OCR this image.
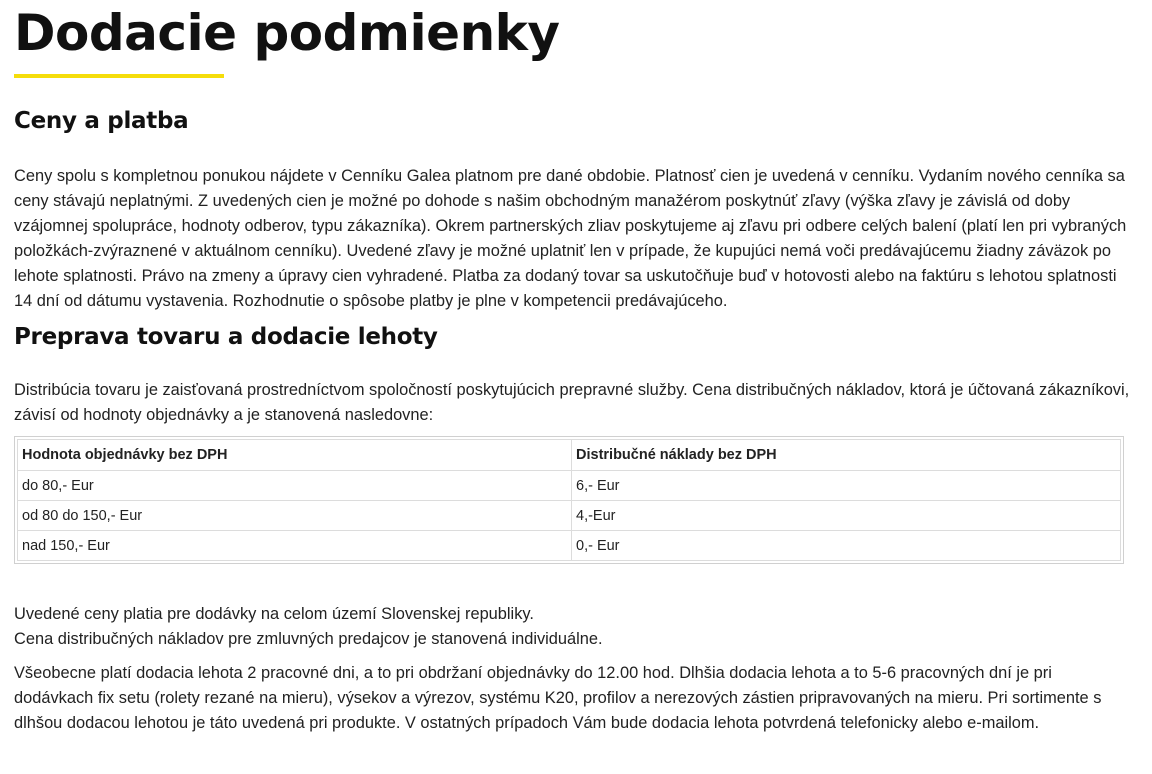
Dodacie podmienky
Ceny a platba

Ceny spolu s kompletnou ponukou nájdete v Cenníku Galea platnom pre dané obdobie. Platnosť cien je uvedená v cenníku. Vydaním nového cenníka sa ceny stávajú neplatnými. Z uvedených cien je možné po dohode s našim obchodným manažérom poskytnúť zľavy (výška zľavy je závislá od doby vzájomnej spolupráce, hodnoty odberov, typu zákazníka). Okrem partnerských zliav poskytujeme aj zľavu pri odbere celých balení (platí len pri vybraných položkách-zvýraznené v aktuálnom cenníku). Uvedené zľavy je možné uplatniť len v prípade, že kupujúci nemá voči predávajúcemu žiadny záväzok po lehote splatnosti. Právo na zmeny a úpravy cien vyhradené. Platba za dodaný tovar sa uskutočňuje buď v hotovosti alebo na faktúru s lehotou splatnosti 14 dní od dátumu vystavenia. Rozhodnutie o spôsobe platby je plne v kompetencii predávajúceho.

Preprava tovaru a dodacie lehoty

Distribúcia tovaru je zaisťovaná prostredníctvom spoločností poskytujúcich prepravné služby. Cena distribučných nákladov, ktorá je účtovaná zákazníkovi, závisí od hodnoty objednávky a je stanovená nasledovne:

Hodnota objednávky bez DPH	Distribučné náklady bez DPH
do 80,- Eur	6,- Eur
od 80 do 150,- Eur	4,-Eur
nad 150,- Eur	0,- Eur

Uvedené ceny platia pre dodávky na celom území Slovenskej republiky.

Cena distribučných nákladov pre zmluvných predajcov je stanovená individuálne.

Všeobecne platí dodacia lehota 2 pracovné dni, a to pri obdržaní objednávky do 12.00 hod. Dlhšia dodacia lehota a to 5-6 pracovných dní je pri dodávkach fix setu (rolety rezané na mieru), výsekov a výrezov, systému K20, profilov a nerezových zástien pripravovaných na mieru. Pri sortimente s dlhšou dodacou lehotou je táto uvedená pri produkte. V ostatných prípadoch Vám bude dodacia lehota potvrdená telefonicky alebo e-mailom.
